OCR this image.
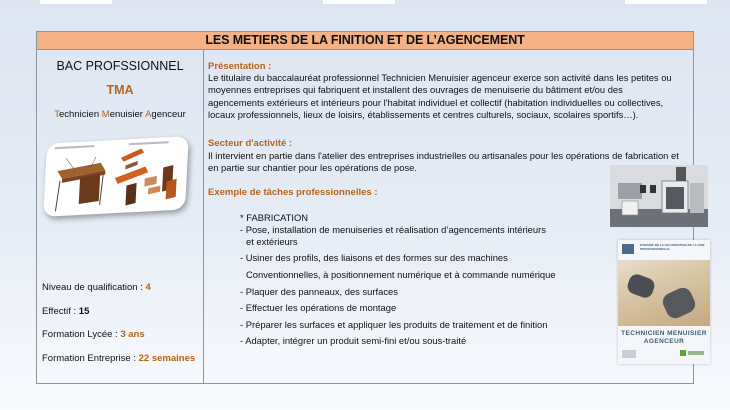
LES METIERS DE LA FINITION ET DE L’AGENCEMENT
BAC PROFSSIONNEL
TMA
Technicien Menuisier Agenceur
Niveau de qualification : 4
Effectif : 15
Formation Lycée : 3 ans
Formation Entreprise : 22 semaines
Présentation :
Le titulaire du baccalauréat professionnel Technicien Menuisier agenceur exerce son activité dans les petites ou
moyennes entreprises qui fabriquent et installent des ouvrages de menuiserie du bâtiment et/ou des
agencements extérieurs et intérieurs pour l'habitat individuel et collectif (habitation individuelles ou collectives,
locaux professionnels, lieux de loisirs, établissements et centres culturels, sociaux, scolaires sportifs…).
Secteur d'activité :
Il intervient en partie dans l'atelier des entreprises industrielles ou artisanales pour les opérations de fabrication et
en partie sur chantier pour les opérations de pose.
Exemple de tâches professionnelles :
* FABRICATION
- Pose, installation de menuiseries et réalisation d’agencements intérieurs
et extérieurs
- Usiner des profils, des liaisons et des formes sur des machines
Conventionnelles, à positionnement numérique et à commande numérique
- Plaquer des panneaux, des surfaces
- Effectuer les opérations de montage
- Préparer les surfaces et appliquer les produits de traitement et de finition
- Adapter, intégrer un produit semi-fini et/ou sous-traité
DYNAMIC DE LA VALORISATION DE LA VOIE PROFESSIONNELLE
TECHNICIEN MENUISIER
AGENCEUR
